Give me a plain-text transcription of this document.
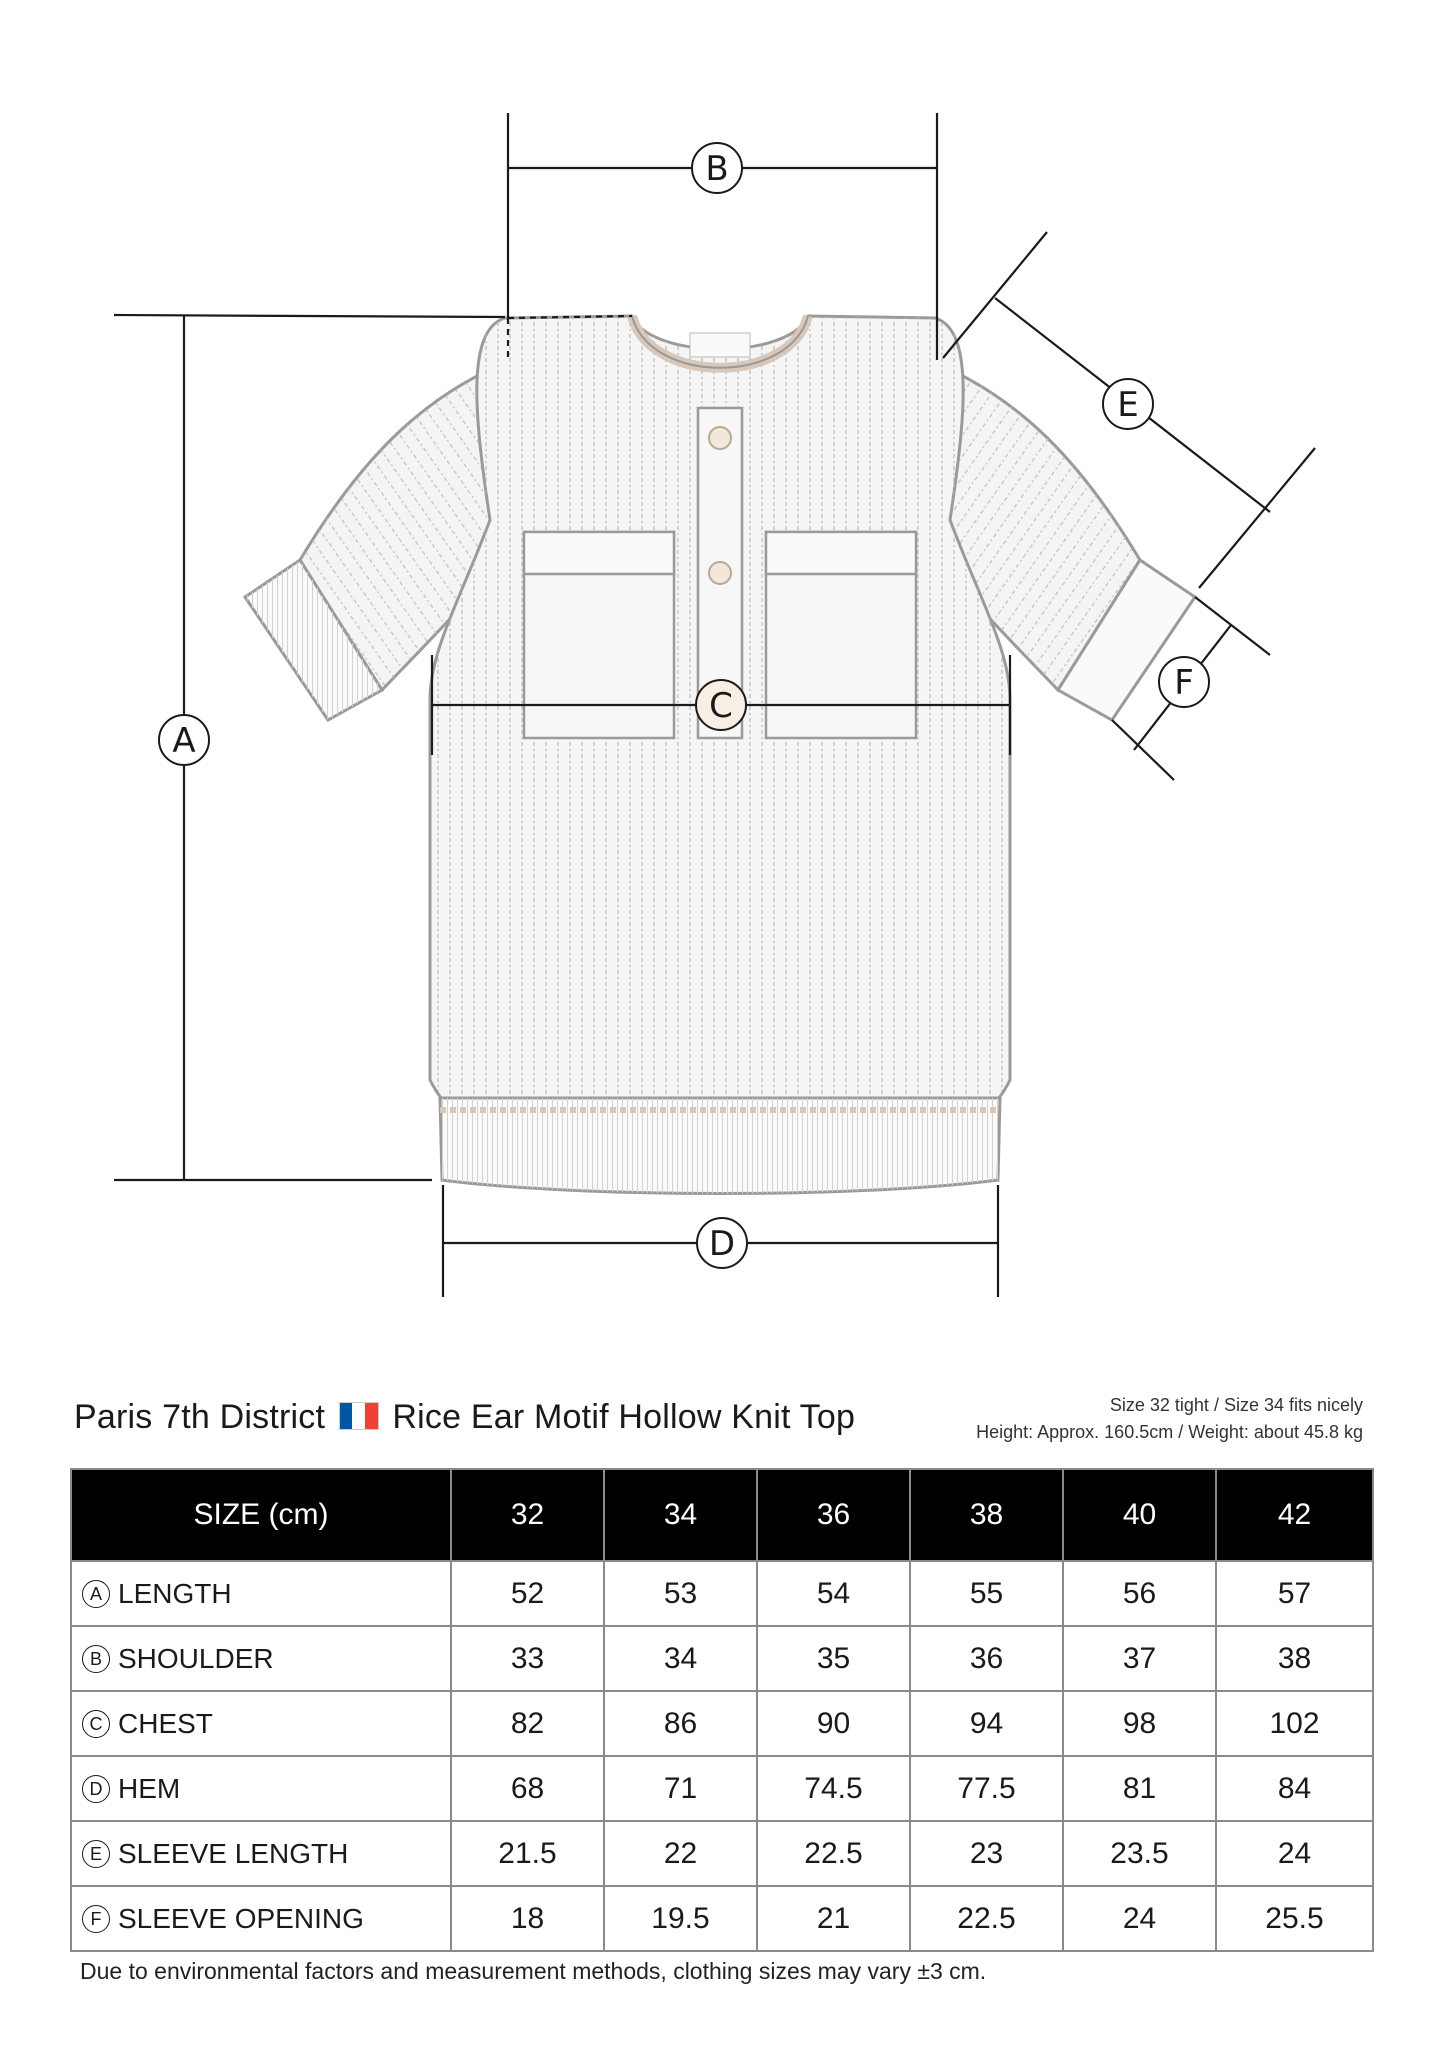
A
B
C
D
E
F
Paris 7th District Rice Ear Motif Hollow Knit Top	Size 32 tight / Size 34 fits nicely
Height: Approx. 160.5cm / Weight: about 45.8 kg
SIZE (cm)	32	34	36	38	40	42
A LENGTH	52	53	54	55	56	57
B SHOULDER	33	34	35	36	37	38
C CHEST	82	86	90	94	98	102
D HEM	68	71	74.5	77.5	81	84
E SLEEVE LENGTH	21.5	22	22.5	23	23.5	24
F SLEEVE OPENING	18	19.5	21	22.5	24	25.5
Due to environmental factors and measurement methods, clothing sizes may vary ±3 cm.
